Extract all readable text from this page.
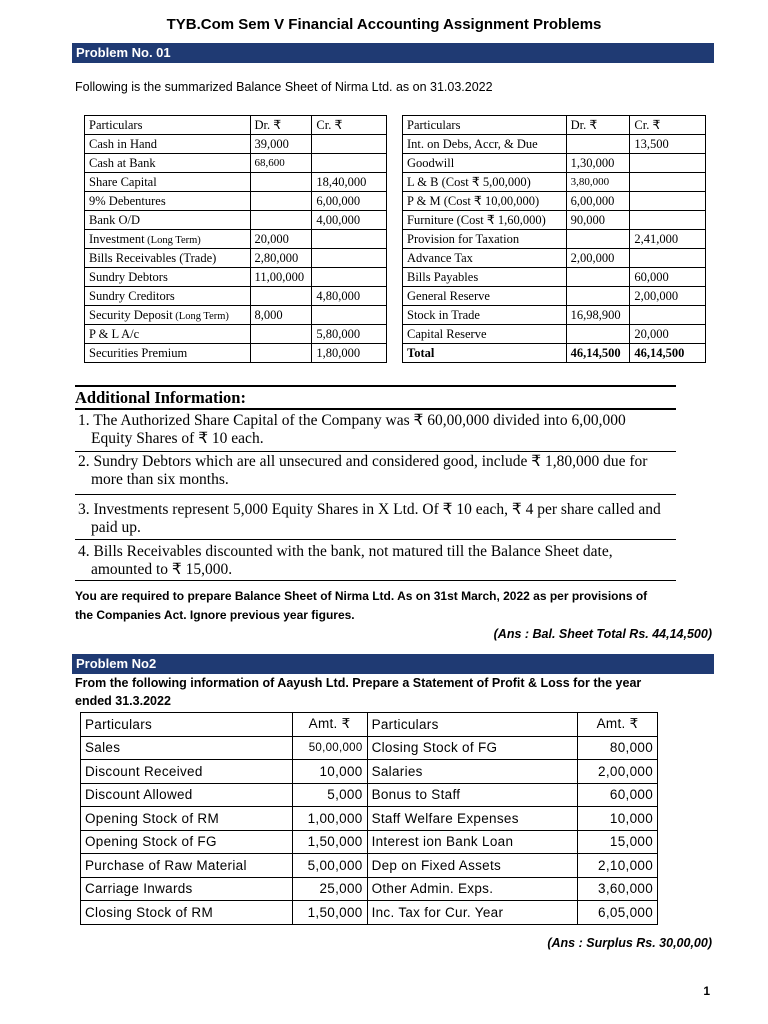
TYB.Com Sem V Financial Accounting Assignment Problems
Problem No. 01
Following is the summarized Balance Sheet of Nirma Ltd. as on 31.03.2022
Particulars	Dr. ₹	Cr. ₹
Cash in Hand	39,000	
Cash at Bank	68,600	
Share Capital		18,40,000
9% Debentures		6,00,000
Bank O/D		4,00,000
Investment (Long Term)	20,000	
Bills Receivables (Trade)	2,80,000	
Sundry Debtors	11,00,000	
Sundry Creditors		4,80,000
Security Deposit (Long Term)	8,000	
P & L A/c		5,80,000
Securities Premium		1,80,000
Particulars	Dr. ₹	Cr. ₹
Int. on Debs, Accr, & Due		13,500
Goodwill	1,30,000	
L & B (Cost ₹ 5,00,000)	3,80,000	
P & M (Cost ₹ 10,00,000)	6,00,000	
Furniture (Cost ₹ 1,60,000)	90,000	
Provision for Taxation		2,41,000
Advance Tax	2,00,000	
Bills Payables		60,000
General Reserve		2,00,000
Stock in Trade	16,98,900	
Capital Reserve		20,000
Total	46,14,500	46,14,500
Additional Information:
1. The Authorized Share Capital of the Company was ₹ 60,00,000 divided into 6,00,000
Equity Shares of ₹ 10 each.
2. Sundry Debtors which are all unsecured and considered good, include ₹ 1,80,000 due for
more than six months.
3. Investments represent 5,000 Equity Shares in X Ltd. Of ₹ 10 each, ₹ 4 per share called and
paid up.
4. Bills Receivables discounted with the bank, not matured till the Balance Sheet date,
amounted to ₹ 15,000.
You are required to prepare Balance Sheet of Nirma Ltd. As on 31st March, 2022 as per provisions of
the Companies Act. Ignore previous year figures.
(Ans : Bal. Sheet Total Rs. 44,14,500)
Problem No2
From the following information of Aayush Ltd. Prepare a Statement of Profit & Loss for the year
ended 31.3.2022
Particulars	Amt. ₹	Particulars	Amt. ₹
Sales	50,00,000	Closing Stock of FG	80,000
Discount Received	10,000	Salaries	2,00,000
Discount Allowed	5,000	Bonus to Staff	60,000
Opening Stock of RM	1,00,000	Staff Welfare Expenses	10,000
Opening Stock of FG	1,50,000	Interest ion Bank Loan	15,000
Purchase of Raw Material	5,00,000	Dep on Fixed Assets	2,10,000
Carriage Inwards	25,000	Other Admin. Exps.	3,60,000
Closing Stock of RM	1,50,000	Inc. Tax for Cur. Year	6,05,000
(Ans : Surplus Rs. 30,00,00)
1
